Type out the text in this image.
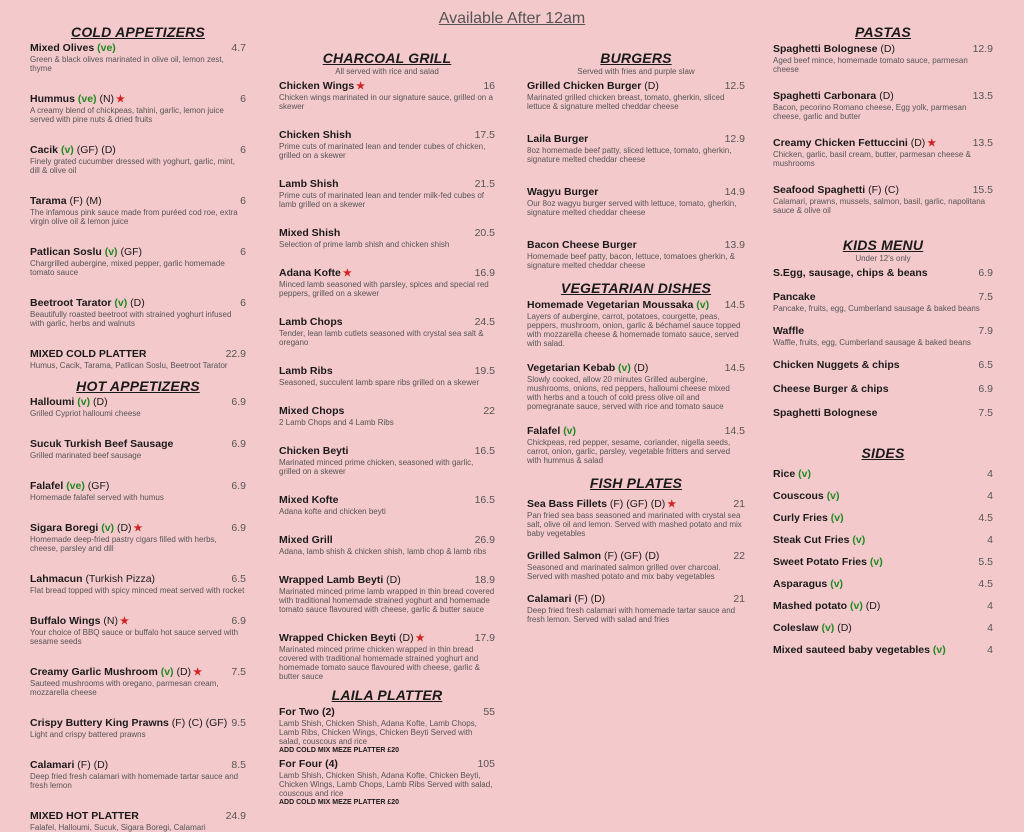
Available After 12am
COLD APPETIZERS
Mixed Olives (ve)	4.7
Green & black olives marinated in olive oil, lemon zest, thyme
Hummus (ve) (N) ★	6
A creamy blend of chickpeas, tahini, garlic, lemon juice served with pine nuts & dried fruits
Cacik (v) (GF) (D)	6
Finely grated cucumber dressed with yoghurt, garlic, mint, dill & olive oil
Tarama (F) (M)	6
The infamous pink sauce made from puréed cod roe, extra virgin olive oil & lemon juice
Patlican Soslu (v) (GF)	6
Chargrilled aubergine, mixed pepper, garlic homemade tomato sauce
Beetroot Tarator (v) (D)	6
Beautifully roasted beetroot with strained yoghurt infused with garlic, herbs and walnuts
MIXED COLD PLATTER	22.9
Humus, Cacik, Tarama, Patlican Soslu, Beetroot Tarator
HOT APPETIZERS
Halloumi (v) (D)	6.9
Grilled Cypriot halloumi cheese
Sucuk Turkish Beef Sausage	6.9
Grilled marinated beef sausage
Falafel (ve) (GF)	6.9
Homemade falafel served with humus
Sigara Boregi (v) (D) ★	6.9
Homemade deep-fried pastry cigars filled with herbs, cheese, parsley and dill
Lahmacun (Turkish Pizza)	6.5
Flat bread topped with spicy minced meat served with rocket
Buffalo Wings (N) ★	6.9
Your choice of BBQ sauce or buffalo hot sauce served with sesame seeds
Creamy Garlic Mushroom (v) (D) ★	7.5
Sauteed mushrooms with oregano, parmesan cream, mozzarella cheese
Crispy Buttery King Prawns (F) (C) (GF) 9.5
Light and crispy battered prawns
Calamari (F) (D)	8.5
Deep fried fresh calamari with homemade tartar sauce and fresh lemon
MIXED HOT PLATTER	24.9
Falafel, Halloumi, Sucuk, Sigara Boregi, Calamari
CHARCOAL GRILL
All served with rice and salad
Chicken Wings ★	16
Chicken wings marinated in our signature sauce, grilled on a skewer
Chicken Shish	17.5
Prime cuts of marinated lean and tender cubes of chicken, grilled on a skewer
Lamb Shish	21.5
Prime cuts of marinated lean and tender milk-fed cubes of lamb grilled on a skewer
Mixed Shish	20.5
Selection of prime lamb shish and chicken shish
Adana Kofte ★	16.9
Minced lamb seasoned with parsley, spices and special red peppers, grilled on a skewer
Lamb Chops	24.5
Tender, lean lamb cutlets seasoned with crystal sea salt & oregano
Lamb Ribs	19.5
Seasoned, succulent lamb spare ribs grilled on a skewer
Mixed Chops	22
2 Lamb Chops and 4 Lamb Ribs
Chicken Beyti	16.5
Marinated minced prime chicken, seasoned with garlic, grilled on a skewer
Mixed Kofte	16.5
Adana kofte and chicken beyti
Mixed Grill	26.9
Adana, lamb shish & chicken shish, lamb chop & lamb ribs
Wrapped Lamb Beyti (D)	18.9
Marinated minced prime lamb wrapped in thin bread covered with traditional homemade strained yoghurt and homemade tomato sauce flavoured with cheese, garlic & butter sauce
Wrapped Chicken Beyti (D) ★	17.9
Marinated minced prime chicken wrapped in thin bread covered with traditional homemade strained yoghurt and homemade tomato sauce flavoured with cheese, garlic & butter sauce
LAILA PLATTER
For Two (2)	55
Lamb Shish, Chicken Shish, Adana Kofte, Lamb Chops, Lamb Ribs, Chicken Wings, Chicken Beyti Served with salad, couscous and rice
ADD COLD MIX MEZE PLATTER £20
For Four (4)	105
Lamb Shish, Chicken Shish, Adana Kofte, Chicken Beyti, Chicken Wings, Lamb Chops, Lamb Ribs Served with salad, couscous and rice
ADD COLD MIX MEZE PLATTER £20
BURGERS
Served with fries and purple slaw
Grilled Chicken Burger (D)	12.5
Marinated grilled chicken breast, tomato, gherkin, sliced lettuce & signature melted cheddar cheese
Laila Burger	12.9
8oz homemade beef patty, sliced lettuce, tomato, gherkin, signature melted cheddar cheese
Wagyu Burger	14.9
Our 8oz wagyu burger served with lettuce, tomato, gherkin, signature melted cheddar cheese
Bacon Cheese Burger	13.9
Homemade beef patty, bacon, lettuce, tomatoes gherkin, & signature melted cheddar cheese
VEGETARIAN DISHES
Homemade Vegetarian Moussaka (v)	14.5
Layers of aubergine, carrot, potatoes, courgette, peas, peppers, mushroom, onion, garlic & béchamel sauce topped with mozzarella cheese & homemade tomato sauce, served with salad.
Vegetarian Kebab (v) (D)	14.5
Slowly cooked, allow 20 minutes Grilled aubergine, mushrooms, onions, red peppers, halloumi cheese mixed with herbs and a touch of cold press olive oil and pomegranate sauce, served with rice and tomato sauce
Falafel (v)	14.5
Chickpeas, red pepper, sesame, coriander, nigella seeds, carrot, onion, garlic, parsley, vegetable fritters and served with hummus & salad
FISH PLATES
Sea Bass Fillets (F) (GF) (D) ★	21
Pan fried sea bass seasoned and marinated with crystal sea salt, olive oil and lemon. Served with mashed potato and mix baby vegetables
Grilled Salmon (F) (GF) (D)	22
Seasoned and marinated salmon grilled over charcoal. Served with mashed potato and mix baby vegetables
Calamari (F) (D)	21
Deep fried fresh calamari with homemade tartar sauce and fresh lemon. Served with salad and fries
PASTAS
Spaghetti Bolognese (D)	12.9
Aged beef mince, homemade tomato sauce, parmesan cheese
Spaghetti Carbonara (D)	13.5
Bacon, pecorino Romano cheese, Egg yolk, parmesan cheese, garlic and butter
Creamy Chicken Fettuccini (D) ★	13.5
Chicken, garlic, basil cream, butter, parmesan cheese & mushrooms
Seafood Spaghetti (F) (C)	15.5
Calamari, prawns, mussels, salmon, basil, garlic, napolitana sauce & olive oil
KIDS MENU
Under 12's only
S.Egg, sausage, chips & beans	6.9
Pancake	7.5
Pancake, fruits, egg, Cumberland sausage & baked beans
Waffle	7.9
Waffle, fruits, egg, Cumberland sausage & baked beans
Chicken Nuggets & chips	6.5
Cheese Burger & chips	6.9
Spaghetti Bolognese	7.5
SIDES
Rice (v)	4
Couscous (v)	4
Curly Fries (v)	4.5
Steak Cut Fries (v)	4
Sweet Potato Fries (v)	5.5
Asparagus (v)	4.5
Mashed potato (v) (D)	4
Coleslaw (v) (D)	4
Mixed sauteed baby vegetables (v)	4
